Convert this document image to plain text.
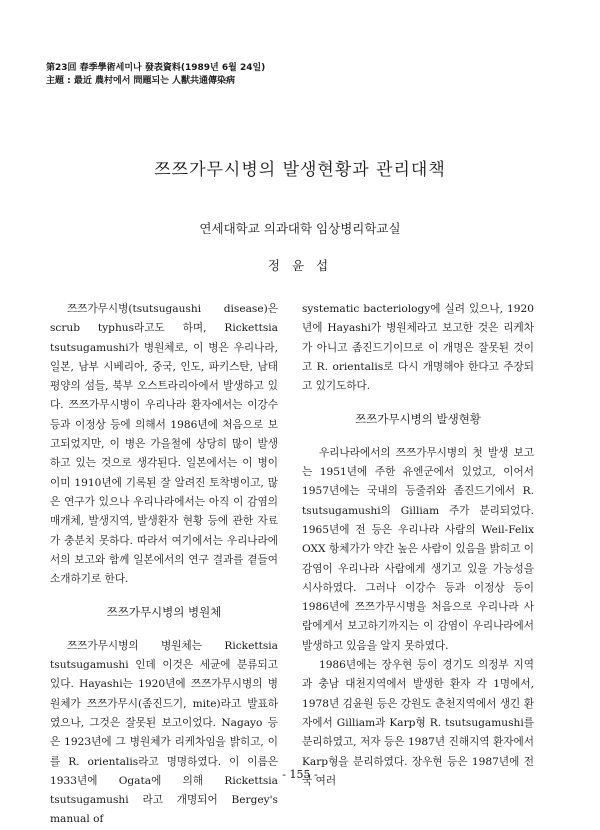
第23回 春季學術세미나 發表資料(1989년 6월 24일)
主題 : 最近 農村에서 問題되는 人獸共通傳染病
쯔쯔가무시병의 발생현황과 관리대책
연세대학교 의과대학 임상병리학교실
정 윤 섭

쯔쯔가무시병(tsutsugaushi disease)은 scrub typhus라고도 하며, Rickettsia tsutsugamushi가 병원체로, 이 병은 우리나라, 일본, 남부 시베리아, 중국, 인도, 파키스탄, 남태평양의 섬들, 북부 오스트라리아에서 발생하고 있다. 쯔쯔가무시병이 우리나라 환자에서는 이강수 등과 이정상 등에 의해서 1986년에 처음으로 보고되었지만, 이 병은 가을철에 상당히 많이 발생하고 있는 것으로 생각된다. 일본에서는 이 병이 이미 1910년에 기록된 잘 알려진 토착병이고, 많은 연구가 있으나 우리나라에서는 아직 이 감염의 매개체, 발생지역, 발생환자 현황 등에 관한 자료가 충분치 못하다. 따라서 여기에서는 우리나라에서의 보고와 함께 일본에서의 연구 결과를 곁들여 소개하기로 한다.

쯔쯔가무시병의 병원체

쯔쯔가무시병의 병원체는 Rickettsia tsutsugamushi 인데 이것은 세균에 분류되고 있다. Hayashi는 1920년에 쯔쯔가무시병의 병원체가 쯔쯔가무시(좀진드기, mite)라고 발표하였으나, 그것은 잘못된 보고이었다. Nagayo 등은 1923년에 그 병원체가 리케차임을 밝히고, 이를 R. orientalis라고 명명하였다. 이 이름은 1933년에 Ogata에 의해 Rickettsia tsutsugamushi 라고 개명되어 Bergey's manual of

systematic bacteriology에 실려 있으나, 1920년에 Hayashi가 병원체라고 보고한 것은 리케차가 아니고 좀진드기이므로 이 개명은 잘못된 것이고 R. orientalis로 다시 개명해야 한다고 주장되고 있기도하다.

쯔쯔가무시병의 발생현황

우리나라에서의 쯔쯔가무시병의 첫 발생 보고는 1951년에 주한 유엔군에서 있었고, 이어서 1957년에는 국내의 등줄쥐와 좀진드기에서 R. tsutsugamushi의 Gilliam 주가 분리되었다. 1965년에 전 등은 우리나라 사람의 Weil-Felix OXX 항체가가 약간 높은 사람이 있음을 밝히고 이 감염이 우리나라 사람에게 생기고 있을 가능성을 시사하였다. 그러나 이강수 등과 이정상 등이 1986년에 쯔쯔가무시병을 처음으로 우리나라 사람에게서 보고하기까지는 이 감염이 우리나라에서 발생하고 있음을 알지 못하였다.

1986년에는 장우현 등이 경기도 의정부 지역과 충남 대천지역에서 발생한 환자 각 1명에서, 1978년 김윤원 등은 강원도 춘천지역에서 생긴 환자에서 Gilliam과 Karp형 R. tsutsugamushi를 분리하였고, 저자 등은 1987년 진해지역 환자에서 Karp형을 분리하였다. 장우현 등은 1987년에 전국 여러

- 155 -
